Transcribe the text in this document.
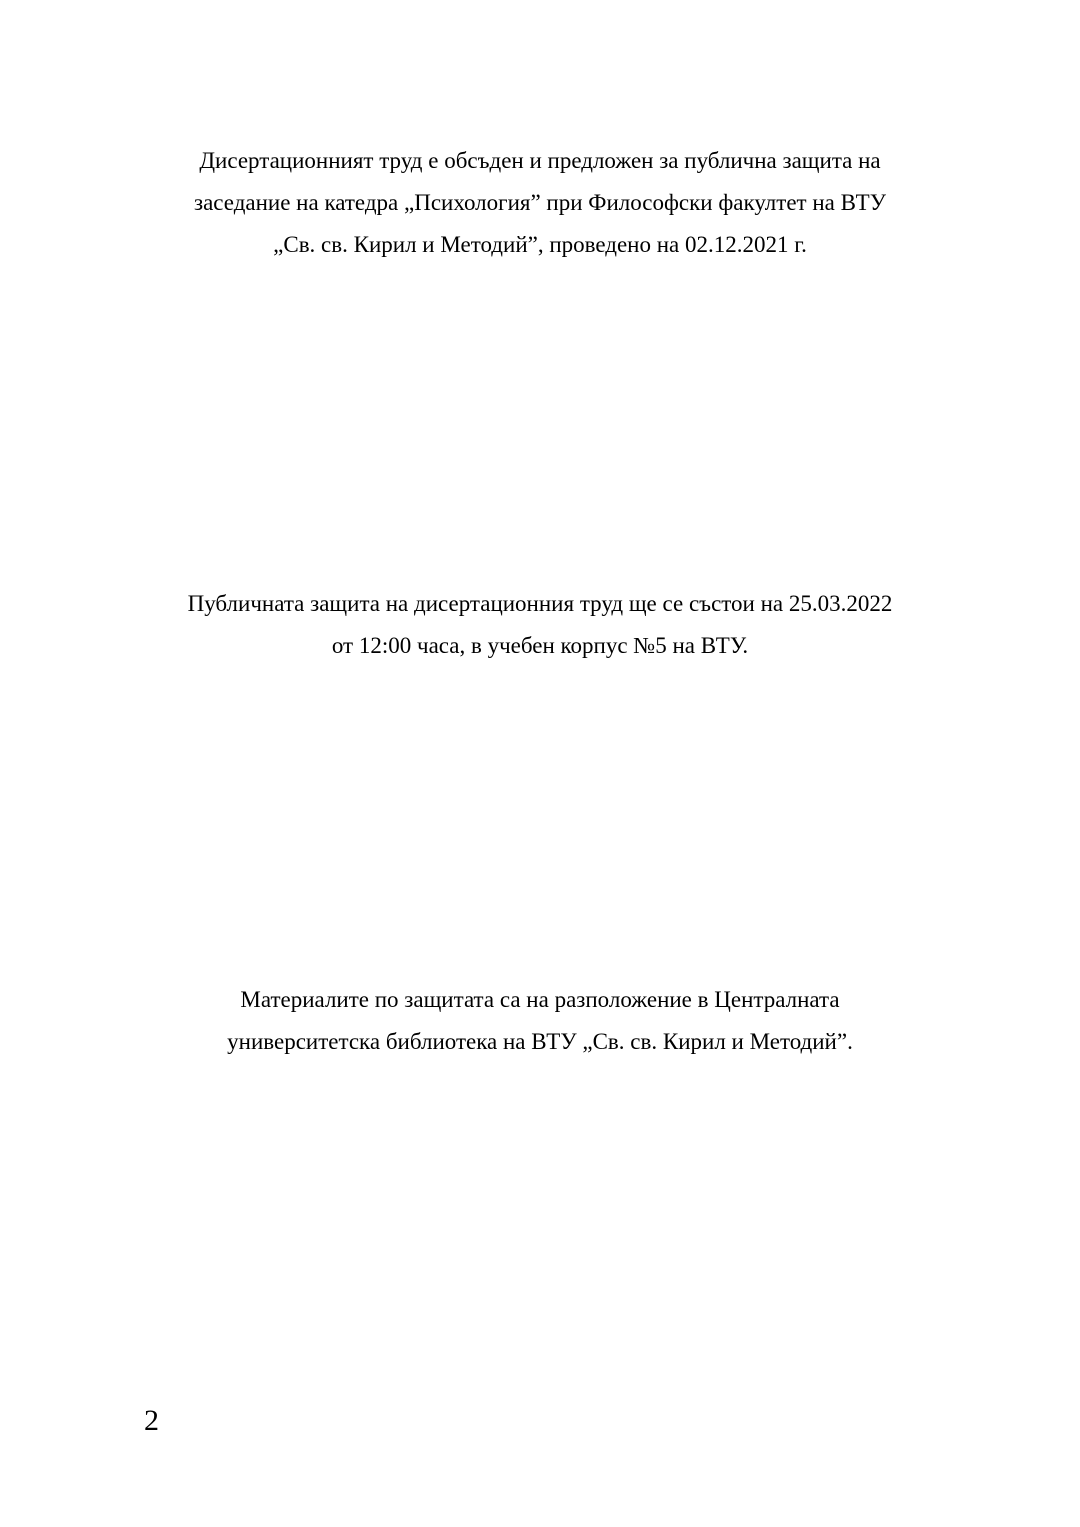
Дисертационният труд е обсъден и предложен за публична защита на
заседание на катедра „Психология” при Философски факултет на ВТУ
„Св. св. Кирил и Методий”, проведено на 02.12.2021 г.
Публичната защита на дисертационния труд ще се състои на 25.03.2022
от 12:00 часа, в учебен корпус №5 на ВТУ.
Материалите по защитата са на разположение в Централната
университетска библиотека на ВТУ „Св. св. Кирил и Методий”.
2
